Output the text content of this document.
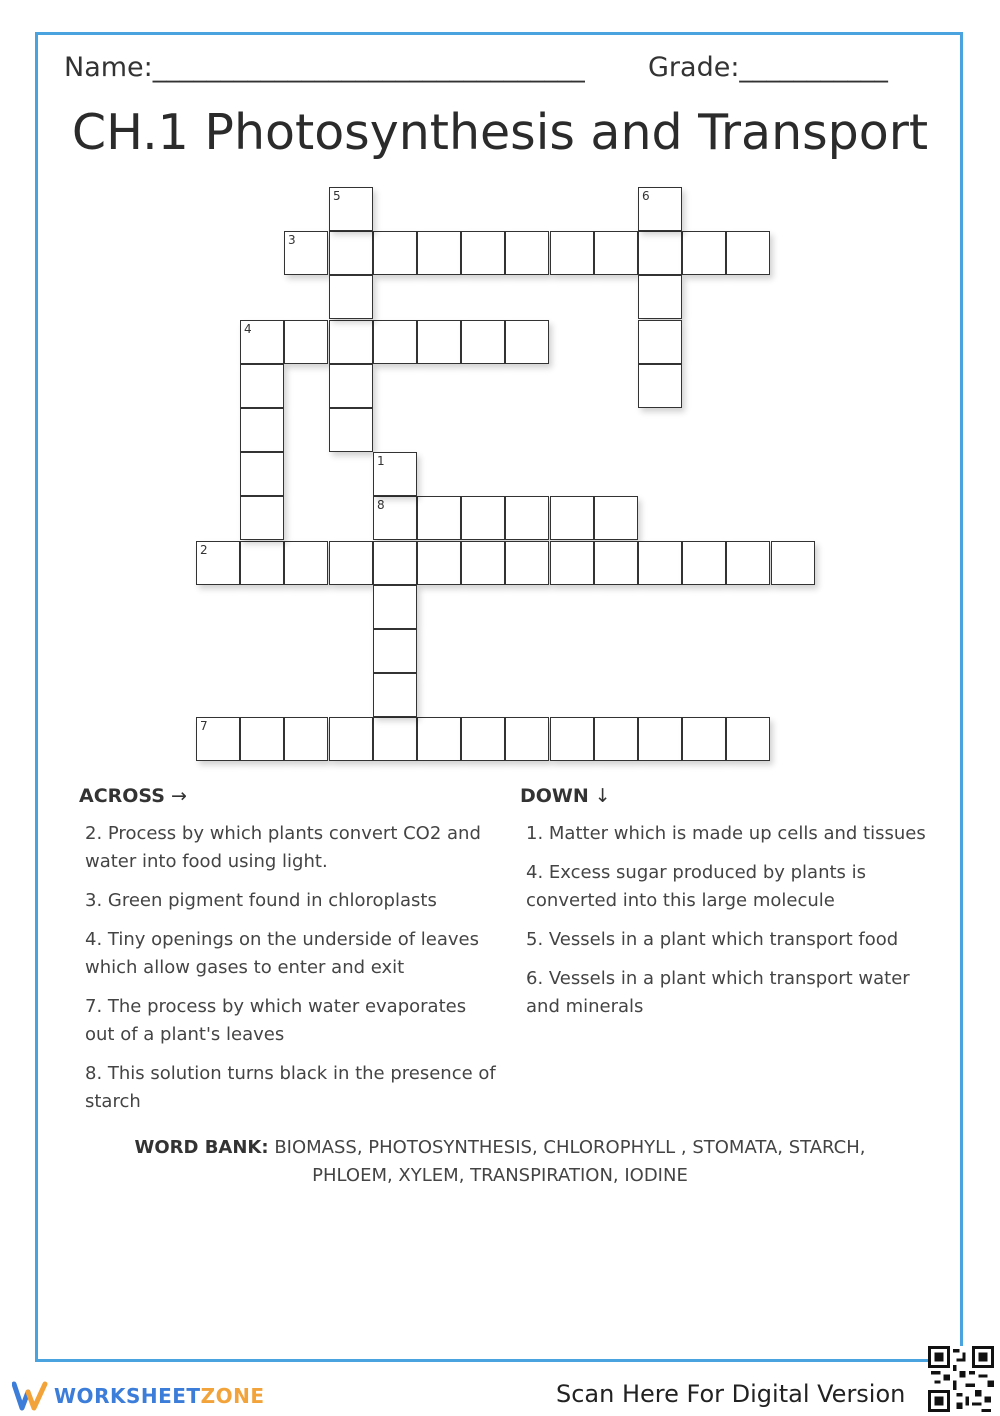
Name:________________________________ Grade:___________
CH.1 Photosynthesis and Transport
3
4
8
2
7
5	6
1
ACROSS →	DOWN ↓
2. Process by which plants convert CO2 and water into food using light.
3. Green pigment found in chloroplasts
4. Tiny openings on the underside of leaves which allow gases to enter and exit
7. The process by which water evaporates out of a plant's leaves
8. This solution turns black in the presence of starch
1. Matter which is made up cells and tissues
4. Excess sugar produced by plants is converted into this large molecule
5. Vessels in a plant which transport food
6. Vessels in a plant which transport water and minerals
WORD BANK: BIOMASS, PHOTOSYNTHESIS, CHLOROPHYLL , STOMATA, STARCH, PHLOEM, XYLEM, TRANSPIRATION, IODINE
WORKSHEETZONE	Scan Here For Digital Version
